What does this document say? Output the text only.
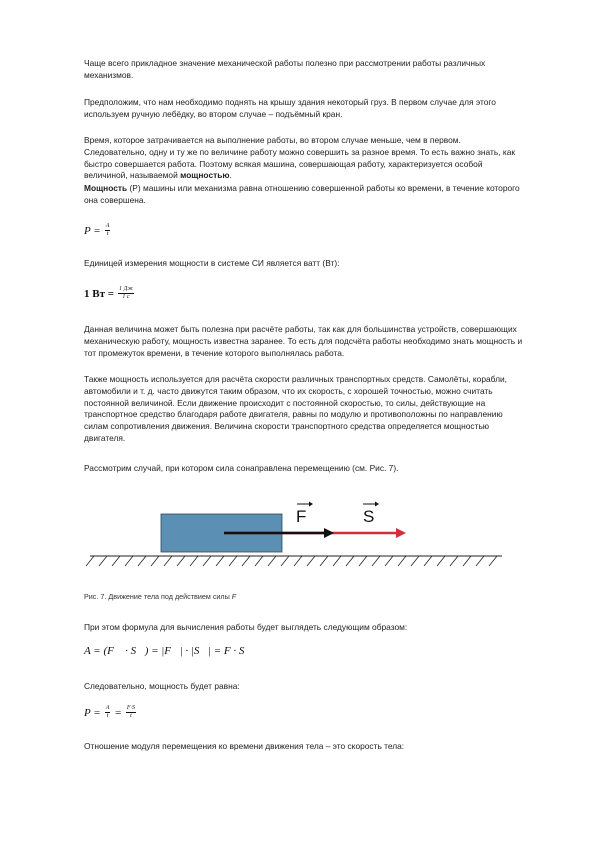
Чаще всего прикладное значение механической работы полезно при рассмотрении работы различных механизмов.

Предположим, что нам необходимо поднять на крышу здания некоторый груз. В первом случае для этого используем ручную лебёдку, во втором случае – подъёмный кран.

Время, которое затрачивается на выполнение работы, во втором случае меньше, чем в первом. Следовательно, одну и ту же по величине работу можно совершить за разное время. То есть важно знать, как быстро совершается работа. Поэтому всякая машина, совершающая работу, характеризуется особой величиной, называемой мощностью.

Мощность (P) машины или механизма равна отношению совершенной работы ко времени, в течение которого она совершена.

$P = \frac{A}{t}$

Единицей измерения мощности в системе СИ является ватт (Вт):

1 Вт = $\frac{1 Дж}{1 с}$

Данная величина может быть полезна при расчёте работы, так как для большинства устройств, совершающих механическую работу, мощность известна заранее. То есть для подсчёта работы необходимо знать мощность и тот промежуток времени, в течение которого выполнялась работа.

Также мощность используется для расчёта скорости различных транспортных средств. Самолёты, корабли, автомобили и т. д. часто движутся таким образом, что их скорость, с хорошей точностью, можно считать постоянной величиной. Если движение происходит с постоянной скоростью, то силы, действующие на транспортное средство благодаря работе двигателя, равны по модулю и противоположны по направлению силам сопротивления движения. Величина скорости транспортного средства определяется мощностью двигателя.

Рассмотрим случай, при котором сила сонаправлена перемещению (см. Рис. 7).

F	S
Рис. 7. Движение тела под действием силы F

При этом формула для вычисления работы будет выглядеть следующим образом:

A = (F⃗ · S⃗) = |F⃗| · |S⃗| = F · S

Следовательно, мощность будет равна:

$P = \frac{A}{t} = \frac{F\cdot S}{t}$

Отношение модуля перемещения ко времени движения тела – это скорость тела:
